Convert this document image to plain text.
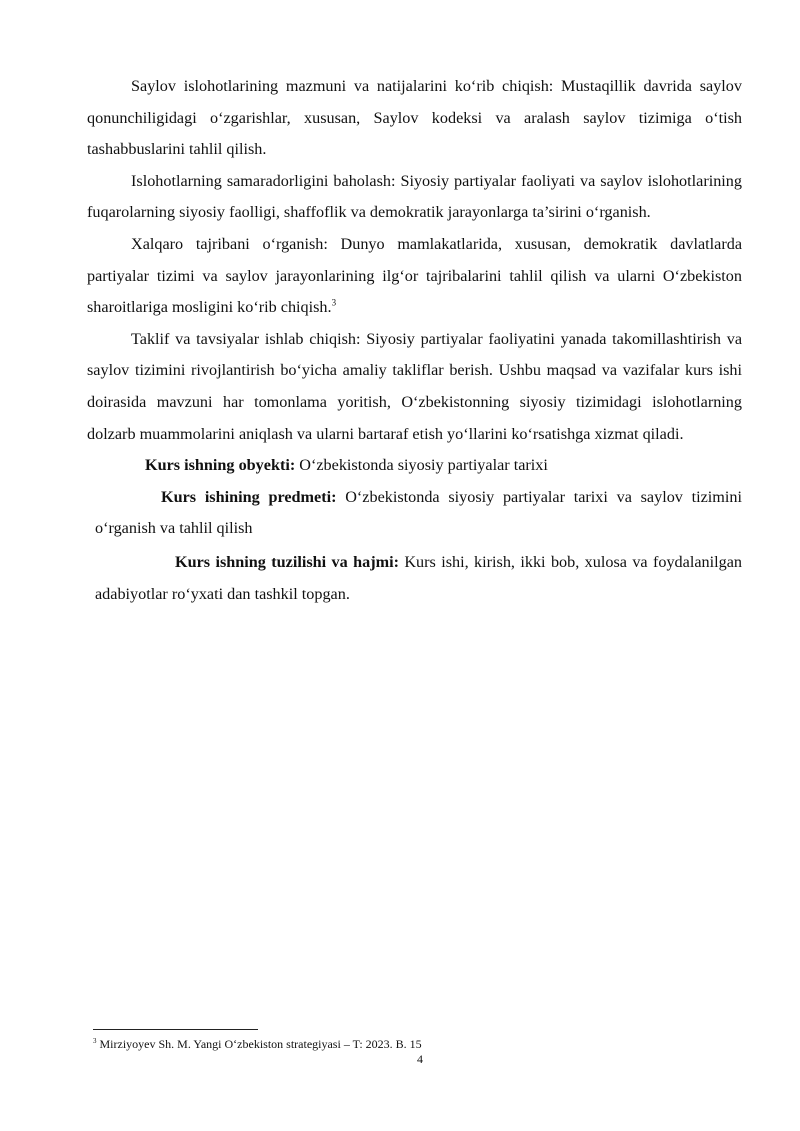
Saylov islohotlarining mazmuni va natijalarini ko‘rib chiqish: Mustaqillik davrida saylov qonunchiligidagi o‘zgarishlar, xususan, Saylov kodeksi va aralash saylov tizimiga o‘tish tashabbuslarini tahlil qilish.

Islohotlarning samaradorligini baholash: Siyosiy partiyalar faoliyati va saylov islohotlarining fuqarolarning siyosiy faolligi, shaffoflik va demokratik jarayonlarga ta’sirini o‘rganish.

Xalqaro tajribani o‘rganish: Dunyo mamlakatlarida, xususan, demokratik davlatlarda partiyalar tizimi va saylov jarayonlarining ilg‘or tajribalarini tahlil qilish va ularni O‘zbekiston sharoitlariga mosligini ko‘rib chiqish.$^3$

Taklif va tavsiyalar ishlab chiqish: Siyosiy partiyalar faoliyatini yanada takomillashtirish va saylov tizimini rivojlantirish bo‘yicha amaliy takliflar berish. Ushbu maqsad va vazifalar kurs ishi doirasida mavzuni har tomonlama yoritish, O‘zbekistonning siyosiy tizimidagi islohotlarning dolzarb muammolarini aniqlash va ularni bartaraf etish yo‘llarini ko‘rsatishga xizmat qiladi.

Kurs ishning obyekti: O‘zbekistonda siyosiy partiyalar tarixi

Kurs ishining predmeti: O‘zbekistonda siyosiy partiyalar tarixi va saylov tizimini o‘rganish va tahlil qilish

Kurs ishning tuzilishi va hajmi: Kurs ishi, kirish, ikki bob, xulosa va foydalanilgan adabiyotlar ro‘yxati dan tashkil topgan.

$^3$ Mirziyoyev Sh. M. Yangi O‘zbekiston strategiyasi – T: 2023. B. 15
4
